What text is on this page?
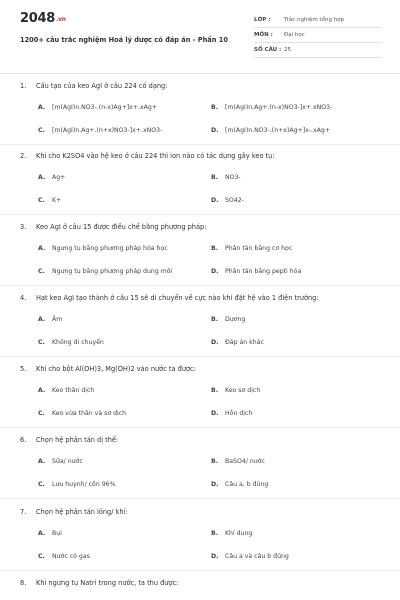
2048.vn
1200+ câu trắc nghiệm Hoá lý dược có đáp án - Phần 10
LỚP : Trắc nghiệm tổng hợp
MÔN : Đại học
SỐ CÂU : 25
1. Cấu tạo của keo AgI ở câu 224 có dạng:
A. [m(AgI)n.NO3-.(n-x)Ag+]x+.xAg+	B. [m(AgI)n.Ag+.(n-x)NO3-]x+.xNO3-
C. [m(AgI)n.Ag+.(n+x)NO3-]x+.xNO3-	D. [m(AgI)n.NO3-.(n+x)Ag+]x-.xAg+
2. Khi cho K2SO4 vào hệ keo ở câu 224 thì ion nào có tác dụng gây keo tụ:
A. Ag+	B. NO3-
C. K+	D. SO42-
3. Keo AgI ở câu 15 được điều chế bằng phương pháp:
A. Ngưng tụ bằng phương pháp hóa học	B. Phân tán bằng cơ học
C. Ngưng tụ bằng phương pháp dung môi	D. Phân tán bằng pepti hóa
4. Hạt keo AgI tạo thành ở câu 15 sẽ di chuyển về cực nào khi đặt hệ vào 1 điện trường:
A. Âm	B. Dương
C. Không di chuyển	D. Đáp án khác
5. Khi cho bột Al(OH)3, Mg(OH)2 vào nước ta được:
A. Keo thân dịch	B. Keo sơ dịch
C. Keo vừa thân và sơ dịch	D. Hỗn dịch
6. Chọn hệ phân tán dị thể:
A. Sữa/ nước	B. BaSO4/ nước
C. Lưu huỳnh/ cồn 96%	D. Câu a, b đúng
7. Chọn hệ phân tán lỏng/ khí:
A. Bụi	B. Khí dung
C. Nước có gas	D. Câu a và câu b đúng
8. Khi ngưng tụ Natri trong nước, ta thu được:
